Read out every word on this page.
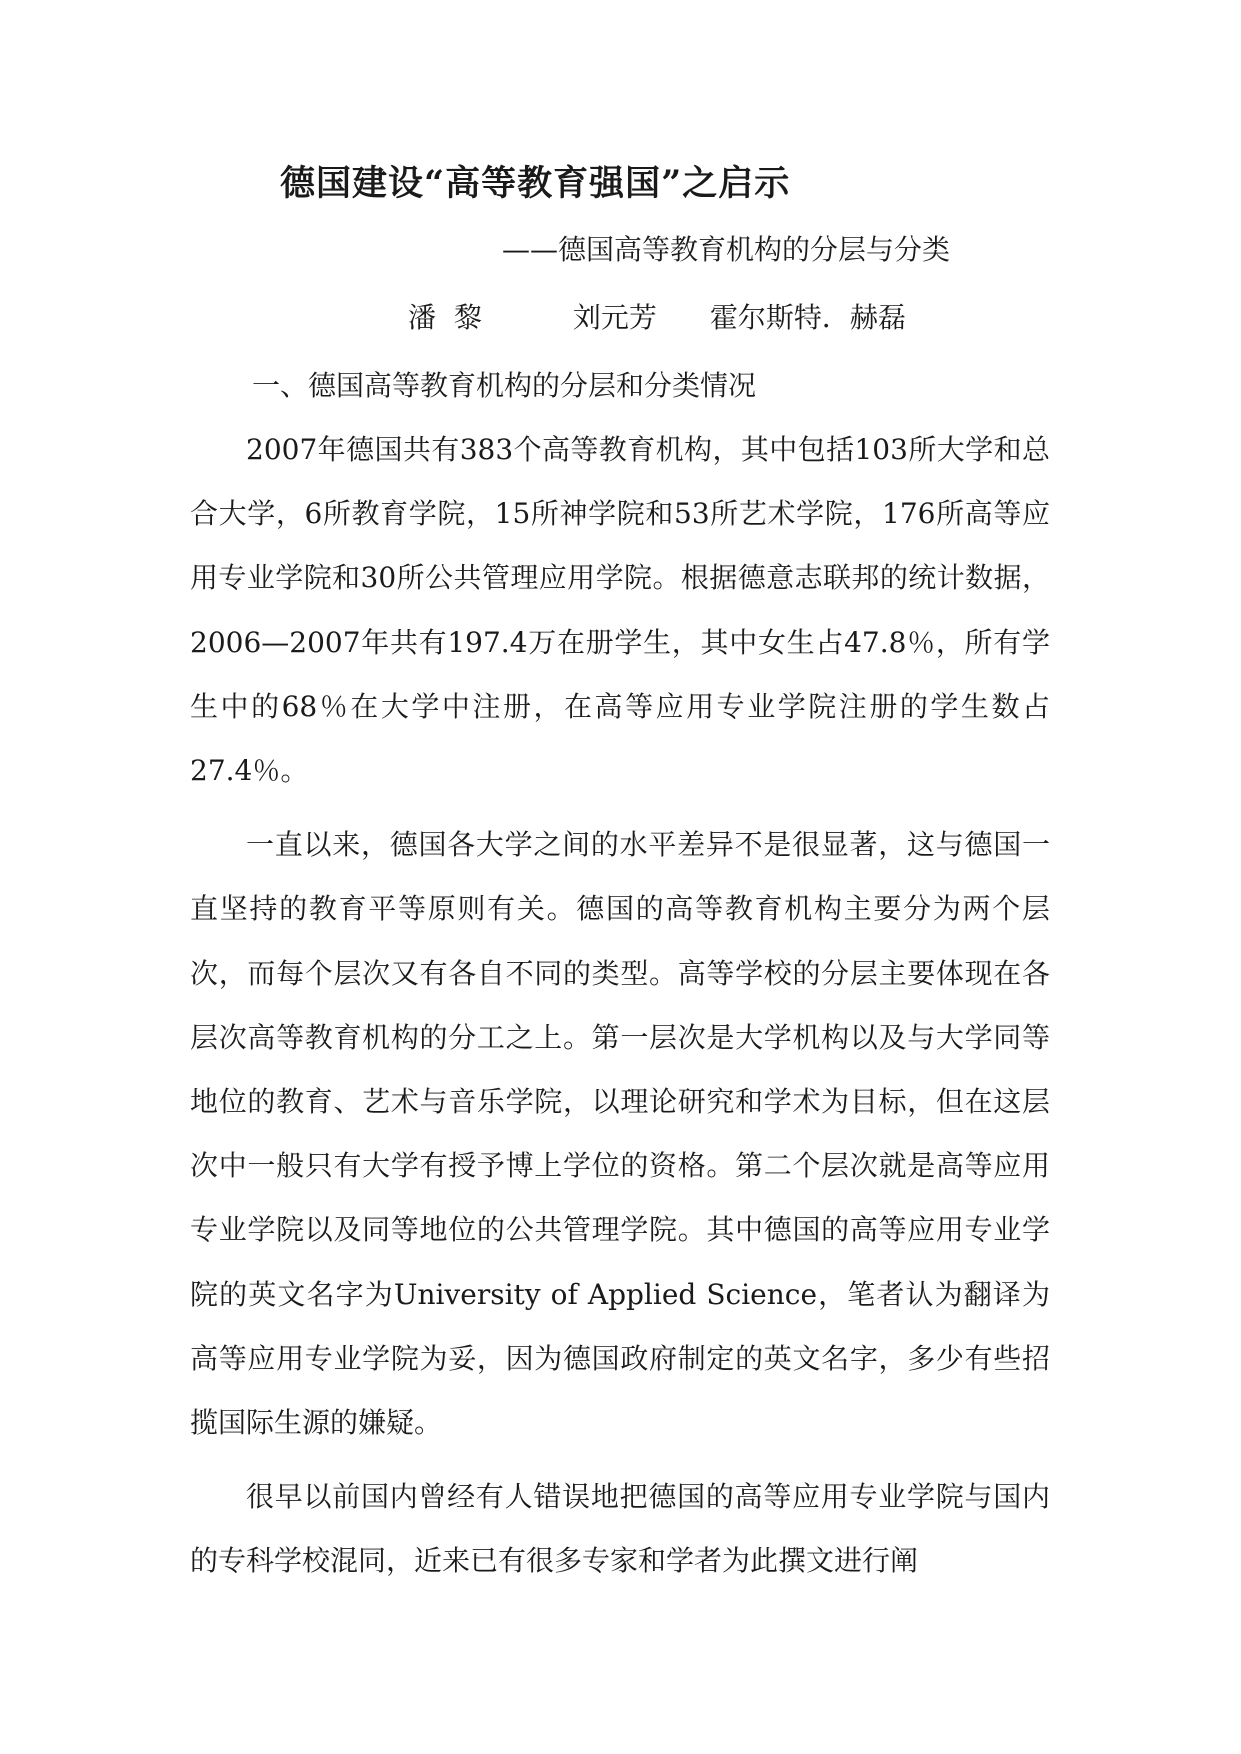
德国建设“高等教育强国”之启示
——德国高等教育机构的分层与分类
潘黎	刘元芳 霍尔斯特．赫磊
一、德国高等教育机构的分层和分类情况

2007年德国共有383个高等教育机构，其中包括103所大学和总合大学，6所教育学院，15所神学院和53所艺术学院，176所高等应用专业学院和30所公共管理应用学院。根据德意志联邦的统计数据，2006—2007年共有197.4万在册学生，其中女生占47.8％，所有学生中的68％在大学中注册，在高等应用专业学院注册的学生数占27.4％。

一直以来，德国各大学之间的水平差异不是很显著，这与德国一直坚持的教育平等原则有关。德国的高等教育机构主要分为两个层次，而每个层次又有各自不同的类型。高等学校的分层主要体现在各层次高等教育机构的分工之上。第一层次是大学机构以及与大学同等地位的教育、艺术与音乐学院，以理论研究和学术为目标，但在这层次中一般只有大学有授予博上学位的资格。第二个层次就是高等应用专业学院以及同等地位的公共管理学院。其中德国的高等应用专业学院的英文名字为University of Applied Science，笔者认为翻译为高等应用专业学院为妥，因为德国政府制定的英文名字，多少有些招揽国际生源的嫌疑。

很早以前国内曾经有人错误地把德国的高等应用专业学院与国内的专科学校混同，近来已有很多专家和学者为此撰文进行阐
